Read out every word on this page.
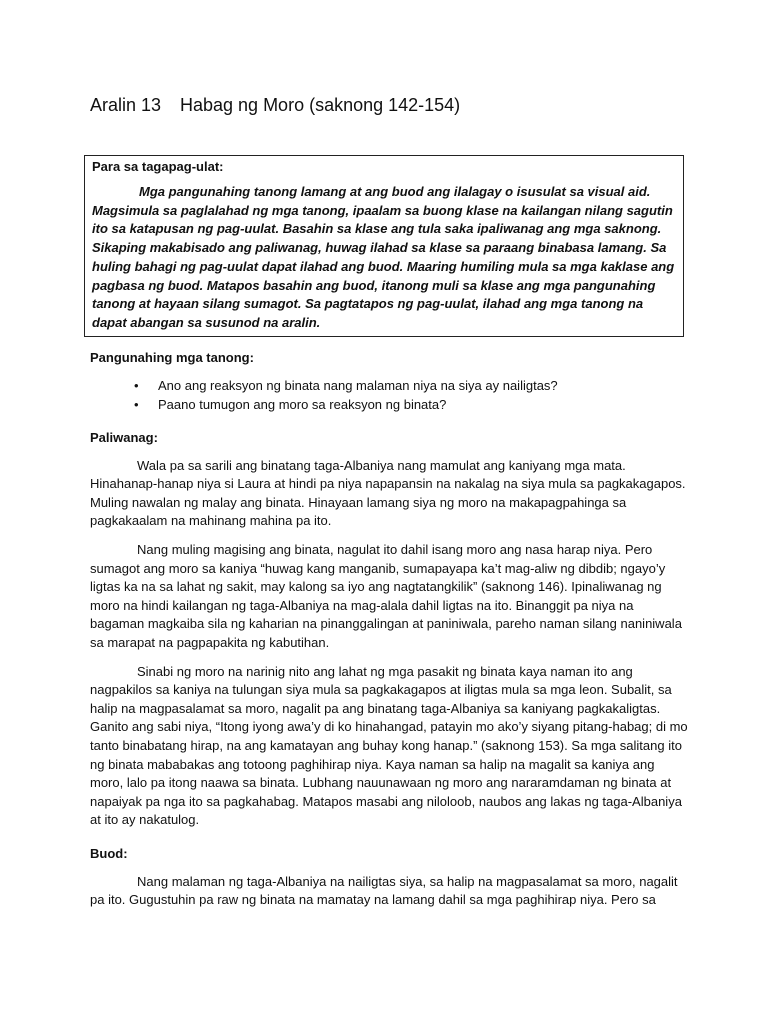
Aralin 13 Habag ng Moro (saknong 142-154)
Para sa tagapag-ulat:
Mga pangunahing tanong lamang at ang buod ang ilalagay o isusulat sa visual aid. Magsimula sa paglalahad ng mga tanong, ipaalam sa buong klase na kailangan nilang sagutin ito sa katapusan ng pag-uulat. Basahin sa klase ang tula saka ipaliwanag ang mga saknong. Sikaping makabisado ang paliwanag, huwag ilahad sa klase sa paraang binabasa lamang. Sa huling bahagi ng pag-uulat dapat ilahad ang buod. Maaring humiling mula sa mga kaklase ang pagbasa ng buod. Matapos basahin ang buod, itanong muli sa klase ang mga pangunahing tanong at hayaan silang sumagot. Sa pagtatapos ng pag-uulat, ilahad ang mga tanong na dapat abangan sa susunod na aralin.
Pangunahing mga tanong:
• Ano ang reaksyon ng binata nang malaman niya na siya ay nailigtas?
• Paano tumugon ang moro sa reaksyon ng binata?
Paliwanag:

Wala pa sa sarili ang binatang taga-Albaniya nang mamulat ang kaniyang mga mata. Hinahanap-hanap niya si Laura at hindi pa niya napapansin na nakalag na siya mula sa pagkakagapos. Muling nawalan ng malay ang binata. Hinayaan lamang siya ng moro na makapagpahinga sa pagkakaalam na mahinang mahina pa ito.

Nang muling magising ang binata, nagulat ito dahil isang moro ang nasa harap niya. Pero sumagot ang moro sa kaniya “huwag kang manganib, sumapayapa ka’t mag-aliw ng dibdib; ngayo’y ligtas ka na sa lahat ng sakit, may kalong sa iyo ang nagtatangkilik” (saknong 146). Ipinaliwanag ng moro na hindi kailangan ng taga-Albaniya na mag-alala dahil ligtas na ito. Binanggit pa niya na bagaman magkaiba sila ng kaharian na pinanggalingan at paniniwala, pareho naman silang naniniwala sa marapat na pagpapakita ng kabutihan.

Sinabi ng moro na narinig nito ang lahat ng mga pasakit ng binata kaya naman ito ang nagpakilos sa kaniya na tulungan siya mula sa pagkakagapos at iligtas mula sa mga leon. Subalit, sa halip na magpasalamat sa moro, nagalit pa ang binatang taga-Albaniya sa kaniyang pagkakaligtas. Ganito ang sabi niya, “Itong iyong awa’y di ko hinahangad, patayin mo ako’y siyang pitang-habag; di mo tanto binabatang hirap, na ang kamatayan ang buhay kong hanap.” (saknong 153). Sa mga salitang ito ng binata mababakas ang totoong paghihirap niya. Kaya naman sa halip na magalit sa kaniya ang moro, lalo pa itong naawa sa binata. Lubhang nauunawaan ng moro ang nararamdaman ng binata at napaiyak pa nga ito sa pagkahabag. Matapos masabi ang niloloob, naubos ang lakas ng taga-Albaniya at ito ay nakatulog.

Buod:

Nang malaman ng taga-Albaniya na nailigtas siya, sa halip na magpasalamat sa moro, nagalit pa ito. Gugustuhin pa raw ng binata na mamatay na lamang dahil sa mga paghihirap niya. Pero sa
